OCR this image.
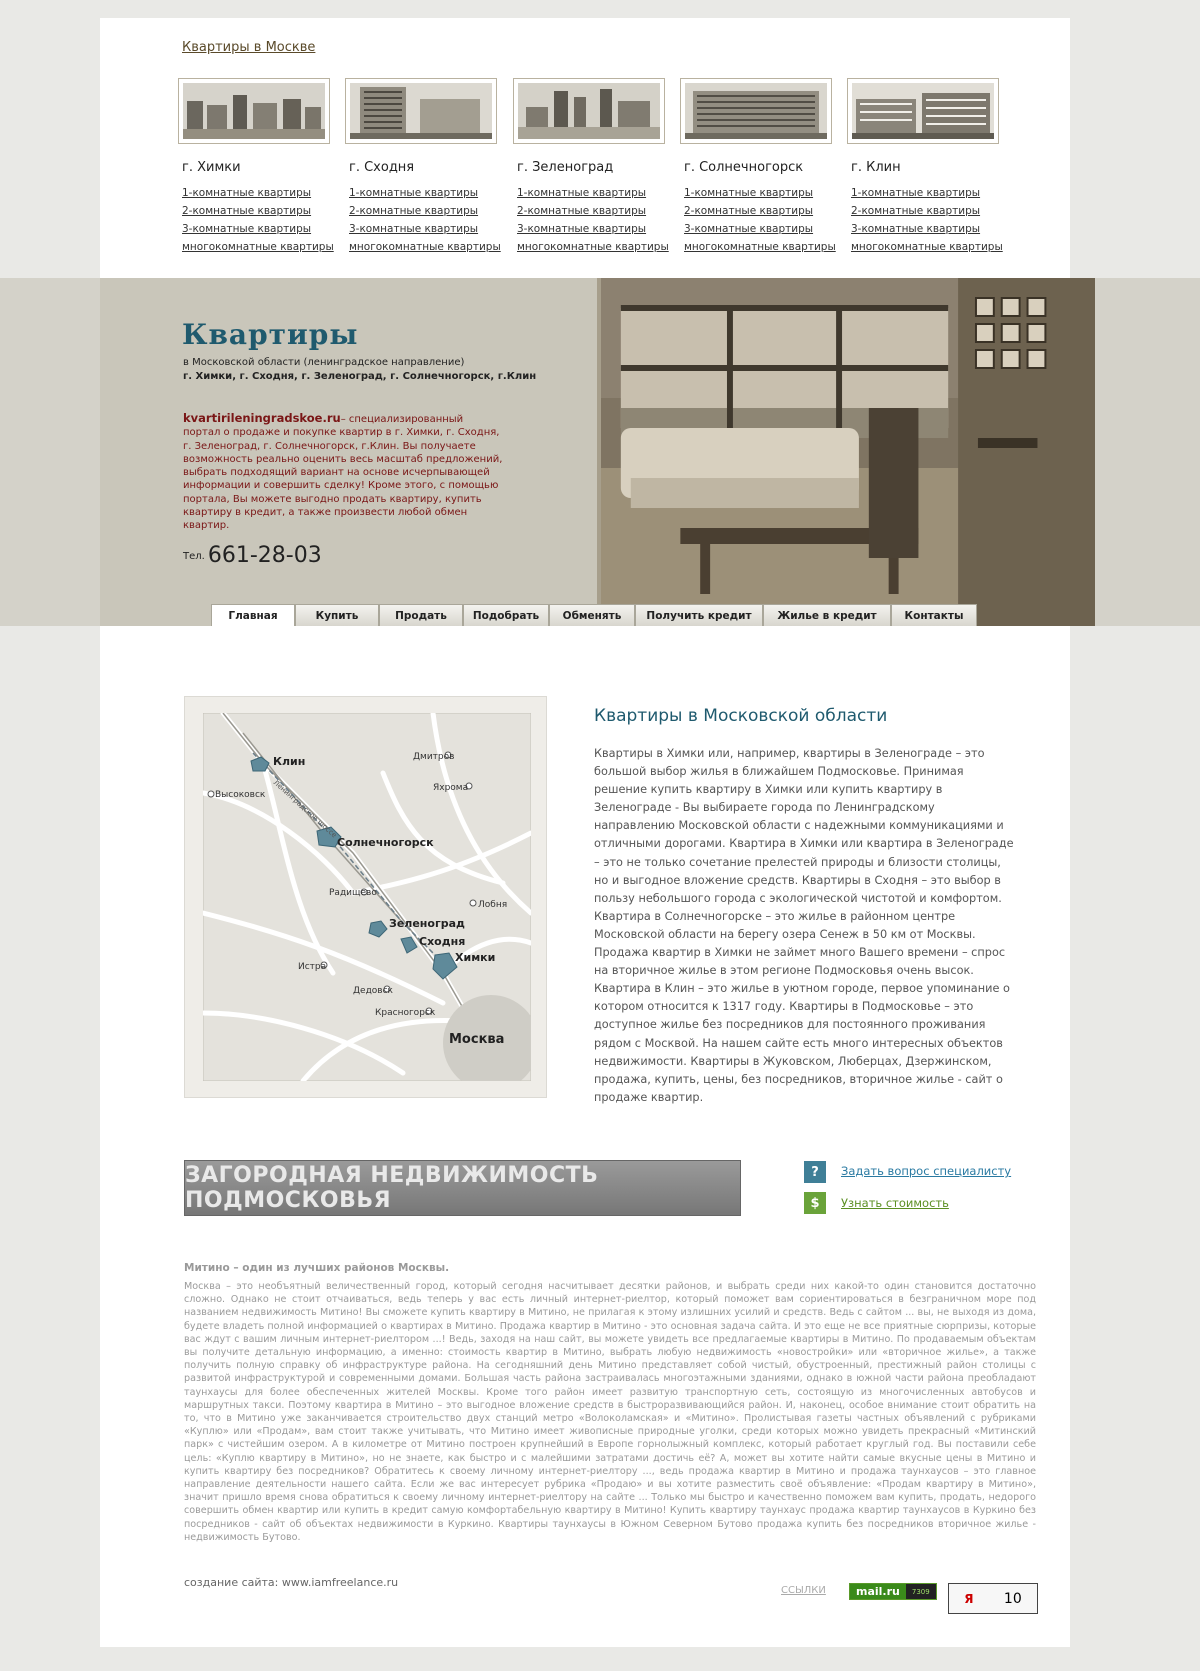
Квартиры в Москве
г. Химки
1-комнатные квартиры
2-комнатные квартиры
3-комнатные квартиры
многокомнатные квартиры
г. Сходня
1-комнатные квартиры
2-комнатные квартиры
3-комнатные квартиры
многокомнатные квартиры
г. Зеленоград
1-комнатные квартиры
2-комнатные квартиры
3-комнатные квартиры
многокомнатные квартиры
г. Солнечногорск
1-комнатные квартиры
2-комнатные квартиры
3-комнатные квартиры
многокомнатные квартиры
г. Клин
1-комнатные квартиры
2-комнатные квартиры
3-комнатные квартиры
многокомнатные квартиры
Квартиры
в Московской области (ленинградское направление)
г. Химки, г. Сходня, г. Зеленоград, г. Солнечногорск, г.Клин
kvartirileningradskoe.ru– специализированный портал о продаже и покупке квартир в г. Химки, г. Сходня, г. Зеленоград, г. Солнечногорск, г.Клин. Вы получаете возможность реально оценить весь масштаб предложений, выбрать подходящий вариант на основе исчерпывающей информации и совершить сделку! Кроме этого, с помощью портала, Вы можете выгодно продать квартиру, купить квартиру в кредит, а также произвести любой обмен квартир.
Тел. 661-28-03
Главная	Купить	Продать	Подобрать	Обменять	Получить кредит	Жилье в кредит	Контакты
Дмитров
Высоковск
Яхрома
Радищево
Лобня
Истра
Дедовск
Красногорск
Ленинградское шоссе
Клин
Солнечногорск
Зеленоград
Сходня
Химки
Москва
Квартиры в Московской области
Квартиры в Химки или, например, квартиры в Зеленограде – это большой выбор жилья в ближайшем Подмосковье. Принимая решение купить квартиру в Химки или купить квартиру в Зеленограде - Вы выбираете города по Ленинградскому направлению Московской области с надежными коммуникациями и отличными дорогами. Квартира в Химки или квартира в Зеленограде – это не только сочетание прелестей природы и близости столицы, но и выгодное вложение средств. Квартиры в Сходня – это выбор в пользу небольшого города с экологической чистотой и комфортом. Квартира в Солнечногорске – это жилье в районном центре Московской области на берегу озера Сенеж в 50 км от Москвы. Продажа квартир в Химки не займет много Вашего времени – спрос на вторичное жилье в этом регионе Подмосковья очень высок. Квартира в Клин – это жилье в уютном городе, первое упоминание о котором относится к 1317 году. Квартиры в Подмосковье – это доступное жилье без посредников для постоянного проживания рядом с Москвой. На нашем сайте есть много интересных объектов недвижимости. Квартиры в Жуковском, Люберцах, Дзержинском, продажа, купить, цены, без посредников, вторичное жилье - сайт о продаже квартир.
ЗАГОРОДНАЯ НЕДВИЖИМОСТЬ ПОДМОСКОВЬЯ
?	Задать вопрос специалисту
$	Узнать стоимость
Митино – один из лучших районов Москвы.
Москва – это необъятный величественный город, который сегодня насчитывает десятки районов, и выбрать среди них какой-то один становится достаточно сложно. Однако не стоит отчаиваться, ведь теперь у вас есть личный интернет-риелтор, который поможет вам сориентироваться в безграничном море под названием недвижимость Митино! Вы сможете купить квартиру в Митино, не прилагая к этому излишних усилий и средств. Ведь с сайтом ... вы, не выходя из дома, будете владеть полной информацией о квартирах в Митино. Продажа квартир в Митино - это основная задача сайта. И это еще не все приятные сюрпризы, которые вас ждут с вашим личным интернет-риелтором ...! Ведь, заходя на наш сайт, вы можете увидеть все предлагаемые квартиры в Митино. По продаваемым объектам вы получите детальную информацию, а именно: стоимость квартир в Митино, выбрать любую недвижимость «новостройки» или «вторичное жилье», а также получить полную справку об инфраструктуре района. На сегодняшний день Митино представляет собой чистый, обустроенный, престижный район столицы с развитой инфраструктурой и современными домами. Большая часть района застраивалась многоэтажными зданиями, однако в южной части района преобладают таунхаусы для более обеспеченных жителей Москвы. Кроме того район имеет развитую транспортную сеть, состоящую из многочисленных автобусов и маршрутных такси. Поэтому квартира в Митино – это выгодное вложение средств в быстроразвивающийся район. И, наконец, особое внимание стоит обратить на то, что в Митино уже заканчивается строительство двух станций метро «Волоколамская» и «Митино». Пролистывая газеты частных объявлений с рубриками «Куплю» или «Продам», вам стоит также учитывать, что Митино имеет живописные природные уголки, среди которых можно увидеть прекрасный «Митинский парк» с чистейшим озером. А в километре от Митино построен крупнейший в Европе горнолыжный комплекс, который работает круглый год. Вы поставили себе цель: «Куплю квартиру в Митино», но не знаете, как быстро и с малейшими затратами достичь её? А, может вы хотите найти самые вкусные цены в Митино и купить квартиру без посредников? Обратитесь к своему личному интернет-риелтору ..., ведь продажа квартир в Митино и продажа таунхаусов – это главное направление деятельности нашего сайта. Если же вас интересует рубрика «Продаю» и вы хотите разместить своё объявление: «Продам квартиру в Митино», значит пришло время снова обратиться к своему личному интернет-риелтору на сайте ... Только мы быстро и качественно поможем вам купить, продать, недорого совершить обмен квартир или купить в кредит самую комфортабельную квартиру в Митино! Купить квартиру таунхаус продажа квартир таунхаусов в Куркино без посредников - сайт об объектах недвижимости в Куркино. Квартиры таунхаусы в Южном Северном Бутово продажа купить без посредников вторичное жилье - недвижимость Бутово.
создание сайта: www.iamfreelance.ru
ССЫЛКИ	mail.ru	7309	Я 10
